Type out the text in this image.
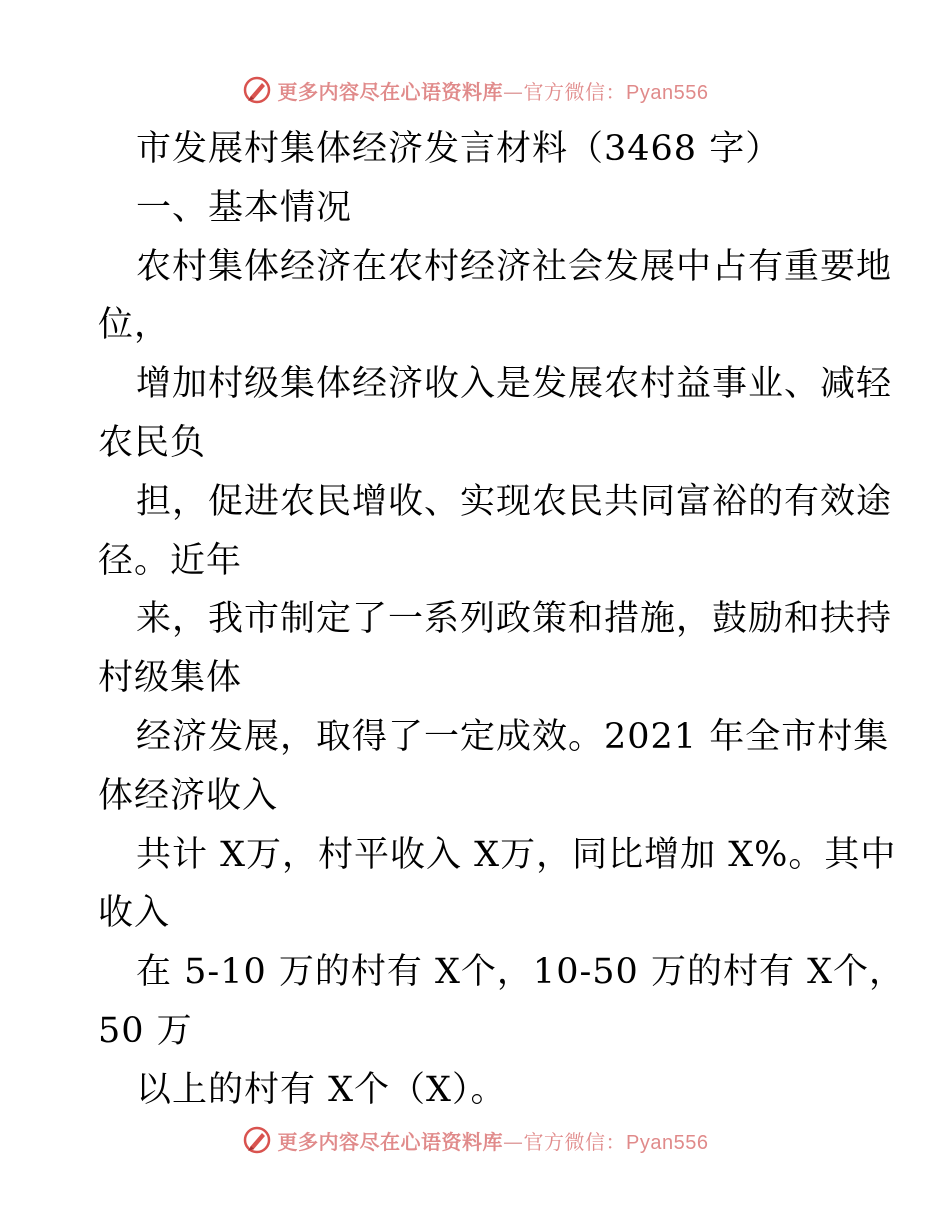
更多内容尽在心语资料库—官方微信：Pyan556
市发展村集体经济发言材料（3468 字）
一、基本情况
农村集体经济在农村经济社会发展中占有重要地
位，
增加村级集体经济收入是发展农村益事业、减轻
农民负
担，促进农民增收、实现农民共同富裕的有效途
径。近年
来，我市制定了一系列政策和措施，鼓励和扶持
村级集体
经济发展，取得了一定成效。2021 年全市村集
体经济收入
共计 X万，村平收入 X万，同比增加 X%。其中
收入
在 5-10 万的村有 X个，10-50 万的村有 X个，
50 万
以上的村有 X个（X）。
更多内容尽在心语资料库—官方微信：Pyan556
